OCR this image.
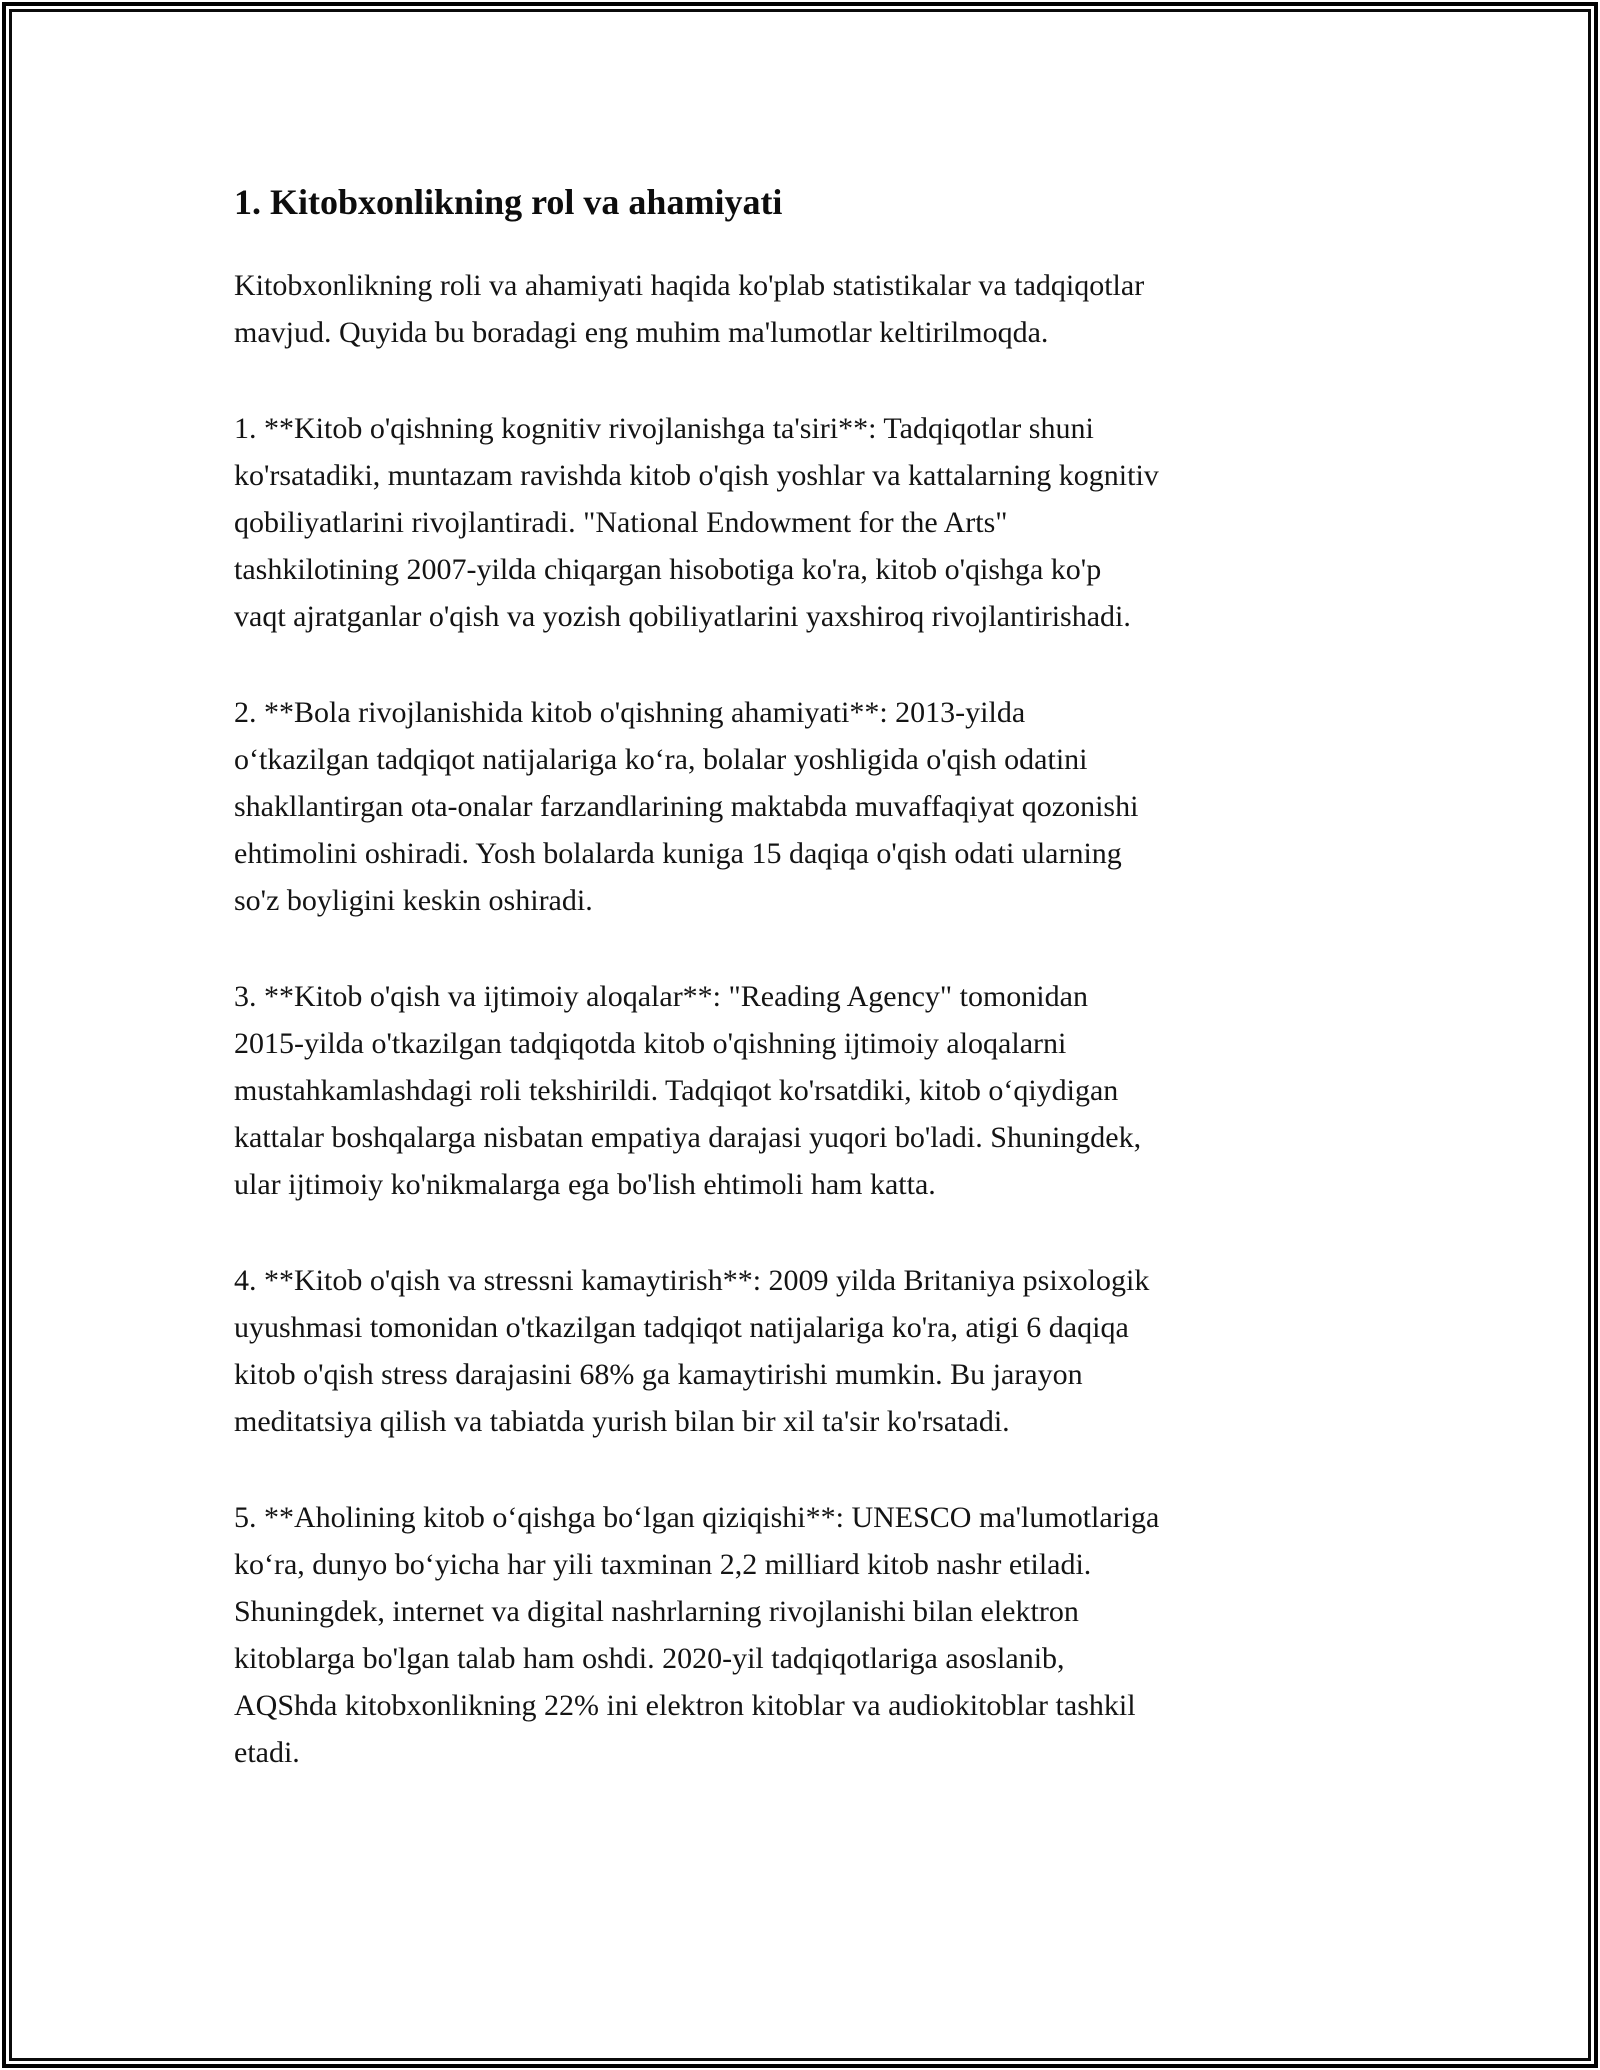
1. Kitobxonlikning rol va ahamiyati

Kitobxonlikning roli va ahamiyati haqida ko'plab statistikalar va tadqiqotlar
mavjud. Quyida bu boradagi eng muhim ma'lumotlar keltirilmoqda.

1. **Kitob o'qishning kognitiv rivojlanishga ta'siri**: Tadqiqotlar shuni
ko'rsatadiki, muntazam ravishda kitob o'qish yoshlar va kattalarning kognitiv
qobiliyatlarini rivojlantiradi. "National Endowment for the Arts"
tashkilotining 2007-yilda chiqargan hisobotiga ko'ra, kitob o'qishga ko'p
vaqt ajratganlar o'qish va yozish qobiliyatlarini yaxshiroq rivojlantirishadi.

2. **Bola rivojlanishida kitob o'qishning ahamiyati**: 2013-yilda
oʻtkazilgan tadqiqot natijalariga koʻra, bolalar yoshligida o'qish odatini
shakllantirgan ota-onalar farzandlarining maktabda muvaffaqiyat qozonishi
ehtimolini oshiradi. Yosh bolalarda kuniga 15 daqiqa o'qish odati ularning
so'z boyligini keskin oshiradi.

3. **Kitob o'qish va ijtimoiy aloqalar**: "Reading Agency" tomonidan
2015-yilda o'tkazilgan tadqiqotda kitob o'qishning ijtimoiy aloqalarni
mustahkamlashdagi roli tekshirildi. Tadqiqot ko'rsatdiki, kitob oʻqiydigan
kattalar boshqalarga nisbatan empatiya darajasi yuqori bo'ladi. Shuningdek,
ular ijtimoiy ko'nikmalarga ega bo'lish ehtimoli ham katta.

4. **Kitob o'qish va stressni kamaytirish**: 2009 yilda Britaniya psixologik
uyushmasi tomonidan o'tkazilgan tadqiqot natijalariga ko'ra, atigi 6 daqiqa
kitob o'qish stress darajasini 68% ga kamaytirishi mumkin. Bu jarayon
meditatsiya qilish va tabiatda yurish bilan bir xil ta'sir ko'rsatadi.

5. **Aholining kitob oʻqishga boʻlgan qiziqishi**: UNESCO ma'lumotlariga
koʻra, dunyo boʻyicha har yili taxminan 2,2 milliard kitob nashr etiladi.
Shuningdek, internet va digital nashrlarning rivojlanishi bilan elektron
kitoblarga bo'lgan talab ham oshdi. 2020-yil tadqiqotlariga asoslanib,
AQShda kitobxonlikning 22% ini elektron kitoblar va audiokitoblar tashkil
etadi.
